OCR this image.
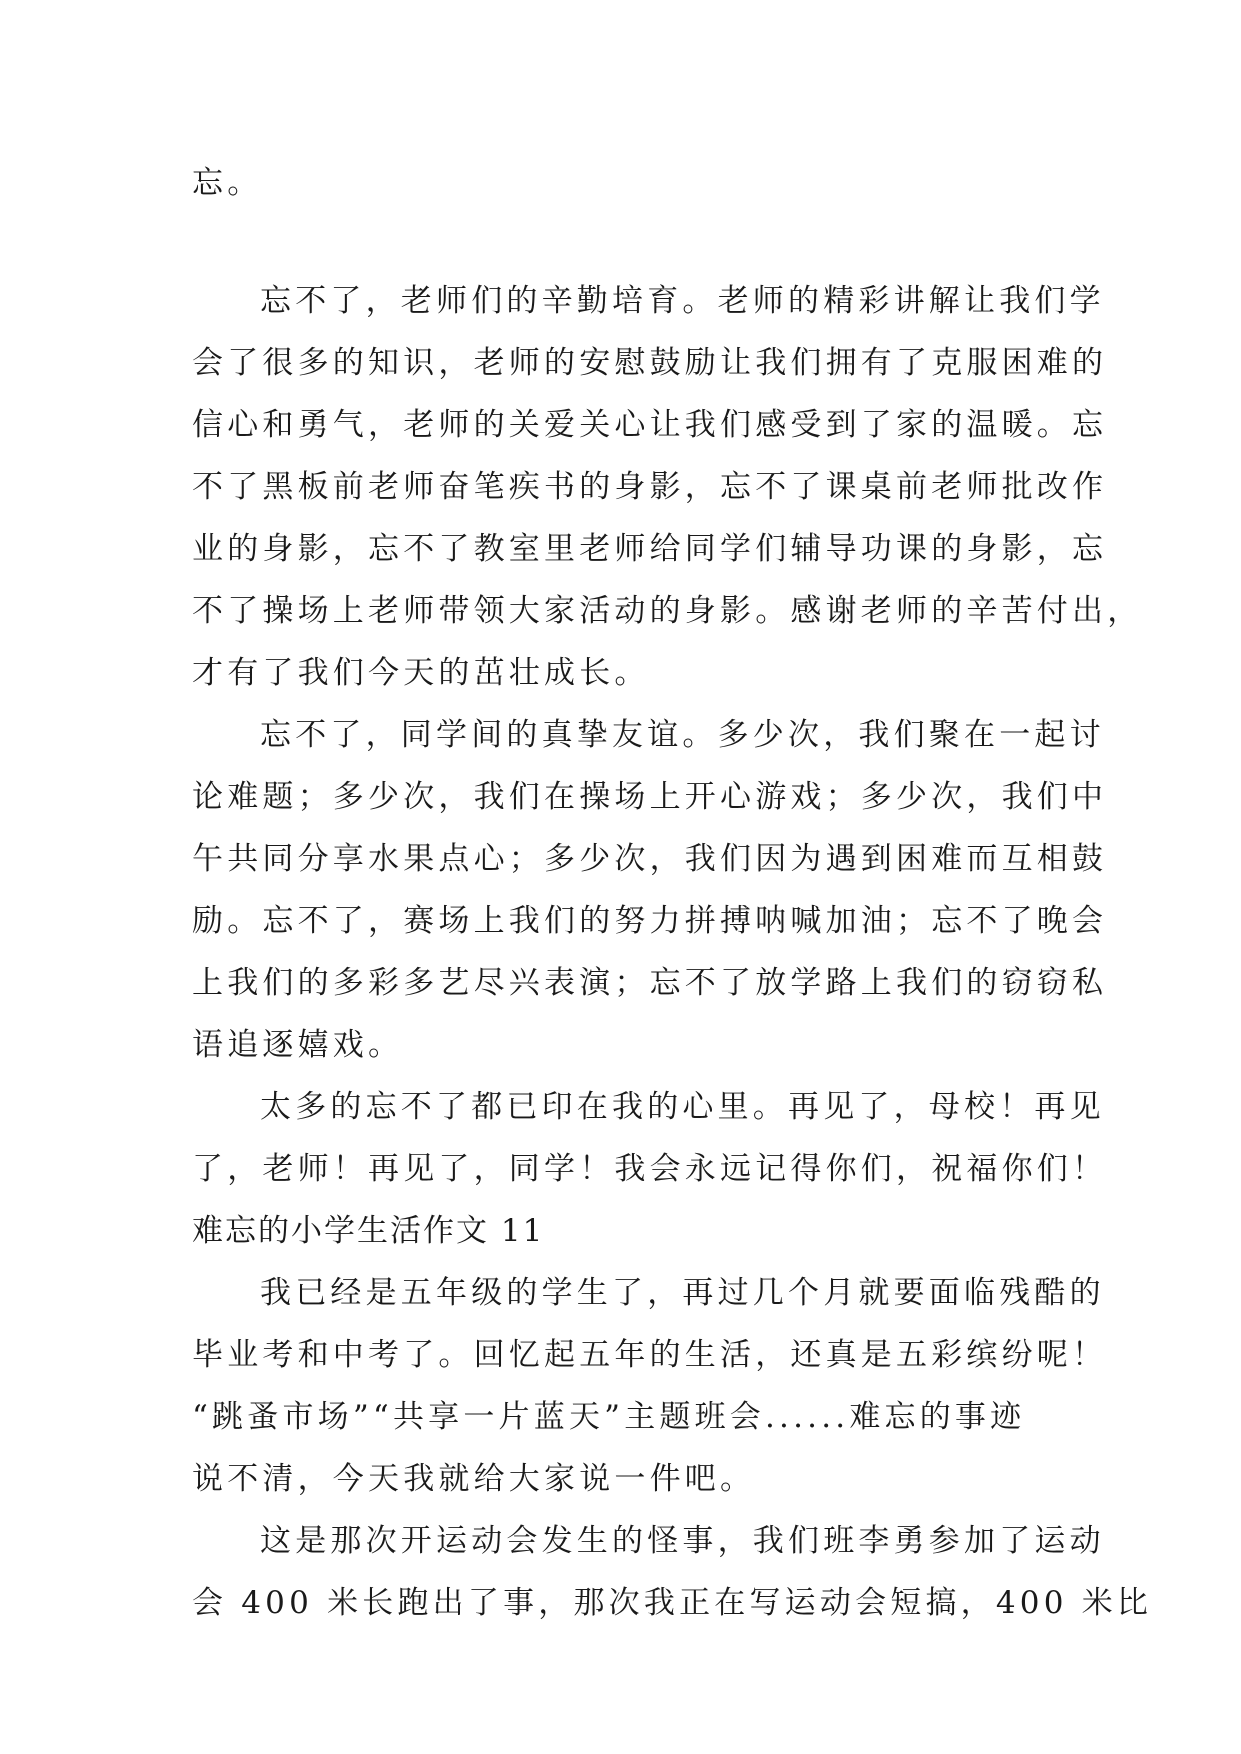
忘。
忘不了，老师们的辛勤培育。老师的精彩讲解让我们学
会了很多的知识，老师的安慰鼓励让我们拥有了克服困难的
信心和勇气，老师的关爱关心让我们感受到了家的温暖。忘
不了黑板前老师奋笔疾书的身影，忘不了课桌前老师批改作
业的身影，忘不了教室里老师给同学们辅导功课的身影，忘
不了操场上老师带领大家活动的身影。感谢老师的辛苦付出，
才有了我们今天的茁壮成长。
忘不了，同学间的真挚友谊。多少次，我们聚在一起讨
论难题；多少次，我们在操场上开心游戏；多少次，我们中
午共同分享水果点心；多少次，我们因为遇到困难而互相鼓
励。忘不了，赛场上我们的努力拼搏呐喊加油；忘不了晚会
上我们的多彩多艺尽兴表演；忘不了放学路上我们的窃窃私
语追逐嬉戏。
太多的忘不了都已印在我的心里。再见了，母校！再见
了，老师！再见了，同学！我会永远记得你们，祝福你们！
难忘的小学生活作文 11
我已经是五年级的学生了，再过几个月就要面临残酷的
毕业考和中考了。回忆起五年的生活，还真是五彩缤纷呢！
“跳蚤市场”“共享一片蓝天”主题班会......难忘的事迹
说不清，今天我就给大家说一件吧。
这是那次开运动会发生的怪事，我们班李勇参加了运动
会 400 米长跑出了事，那次我正在写运动会短搞，400 米比
